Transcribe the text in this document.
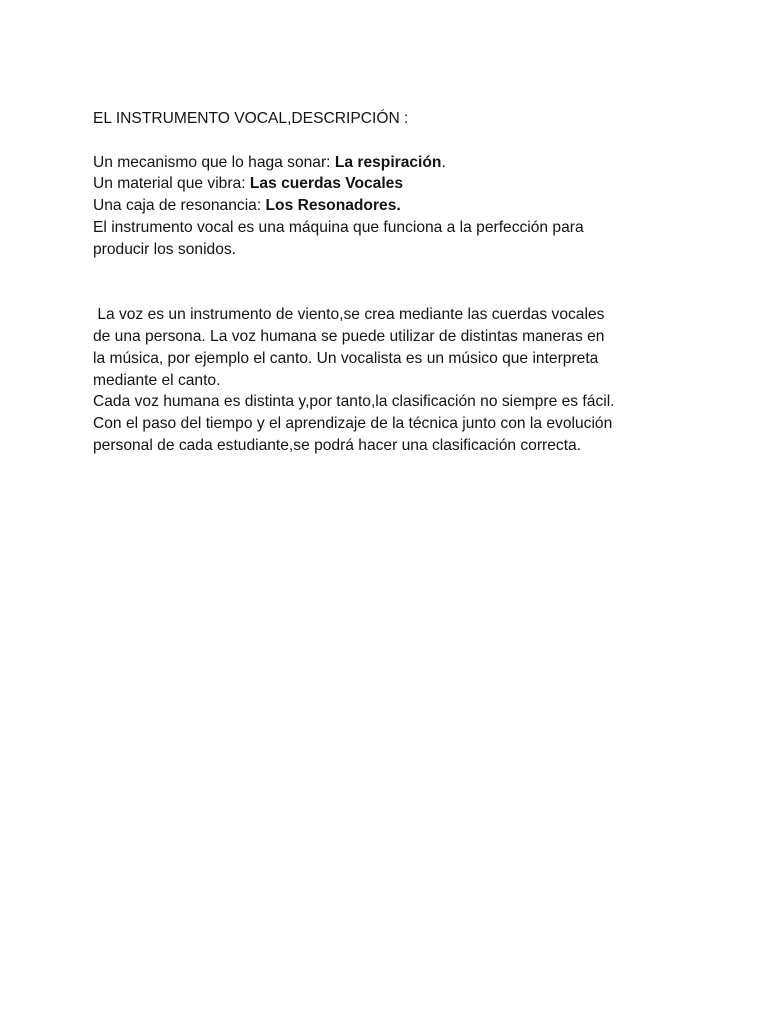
EL INSTRUMENTO VOCAL,DESCRIPCIÓN :
Un mecanismo que lo haga sonar: La respiración.
Un material que vibra: Las cuerdas Vocales
Una caja de resonancia: Los Resonadores.
El instrumento vocal es una máquina que funciona a la perfección para
producir los sonidos.
La voz es un instrumento de viento,se crea mediante las cuerdas vocales
de una persona. La voz humana se puede utilizar de distintas maneras en
la música, por ejemplo el canto. Un vocalista es un músico que interpreta
mediante el canto.
Cada voz humana es distinta y,por tanto,la clasificación no siempre es fácil.
Con el paso del tiempo y el aprendizaje de la técnica junto con la evolución
personal de cada estudiante,se podrá hacer una clasificación correcta.
